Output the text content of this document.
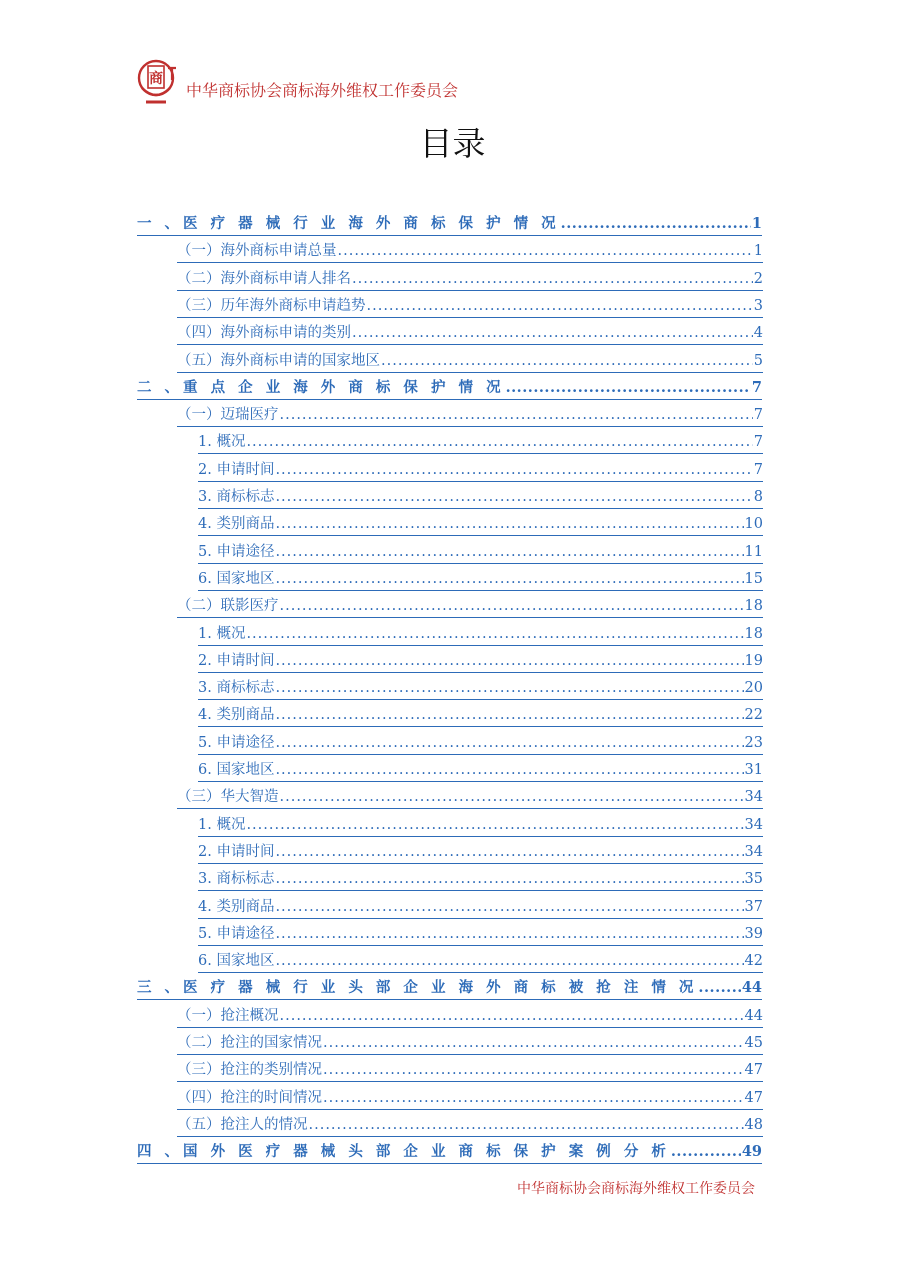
商
中华商标协会商标海外维权工作委员会
目录
一 、医 疗 器 械 行 业 海 外 商 标 保 护 情 况 .....	1
（一）海外商标申请总量 .....	1
（二）海外商标申请人排名 .....	2
（三）历年海外商标申请趋势 .....	3
（四）海外商标申请的类别 .....	4
（五）海外商标申请的国家地区 .....	5
二 、重 点 企 业 海 外 商 标 保 护 情 况 .....	7
（一）迈瑞医疗 .....	7
1. 概况 .....	7
2. 申请时间 .....	7
3. 商标标志 .....	8
4. 类别商品 .....	10
5. 申请途径 .....	11
6. 国家地区 .....	15
（二）联影医疗 .....	18
1. 概况 .....	18
2. 申请时间 .....	19
3. 商标标志 .....	20
4. 类别商品 .....	22
5. 申请途径 .....	23
6. 国家地区 .....	31
（三）华大智造 .....	34
1. 概况 .....	34
2. 申请时间 .....	34
3. 商标标志 .....	35
4. 类别商品 .....	37
5. 申请途径 .....	39
6. 国家地区 .....	42
三 、医 疗 器 械 行 业 头 部 企 业 海 外 商 标 被 抢 注 情 况 .....	44
（一）抢注概况 .....	44
（二）抢注的国家情况 .....	45
（三）抢注的类别情况 .....	47
（四）抢注的时间情况 .....	47
（五）抢注人的情况 .....	48
四 、国 外 医 疗 器 械 头 部 企 业 商 标 保 护 案 例 分 析 .....	49
中华商标协会商标海外维权工作委员会
